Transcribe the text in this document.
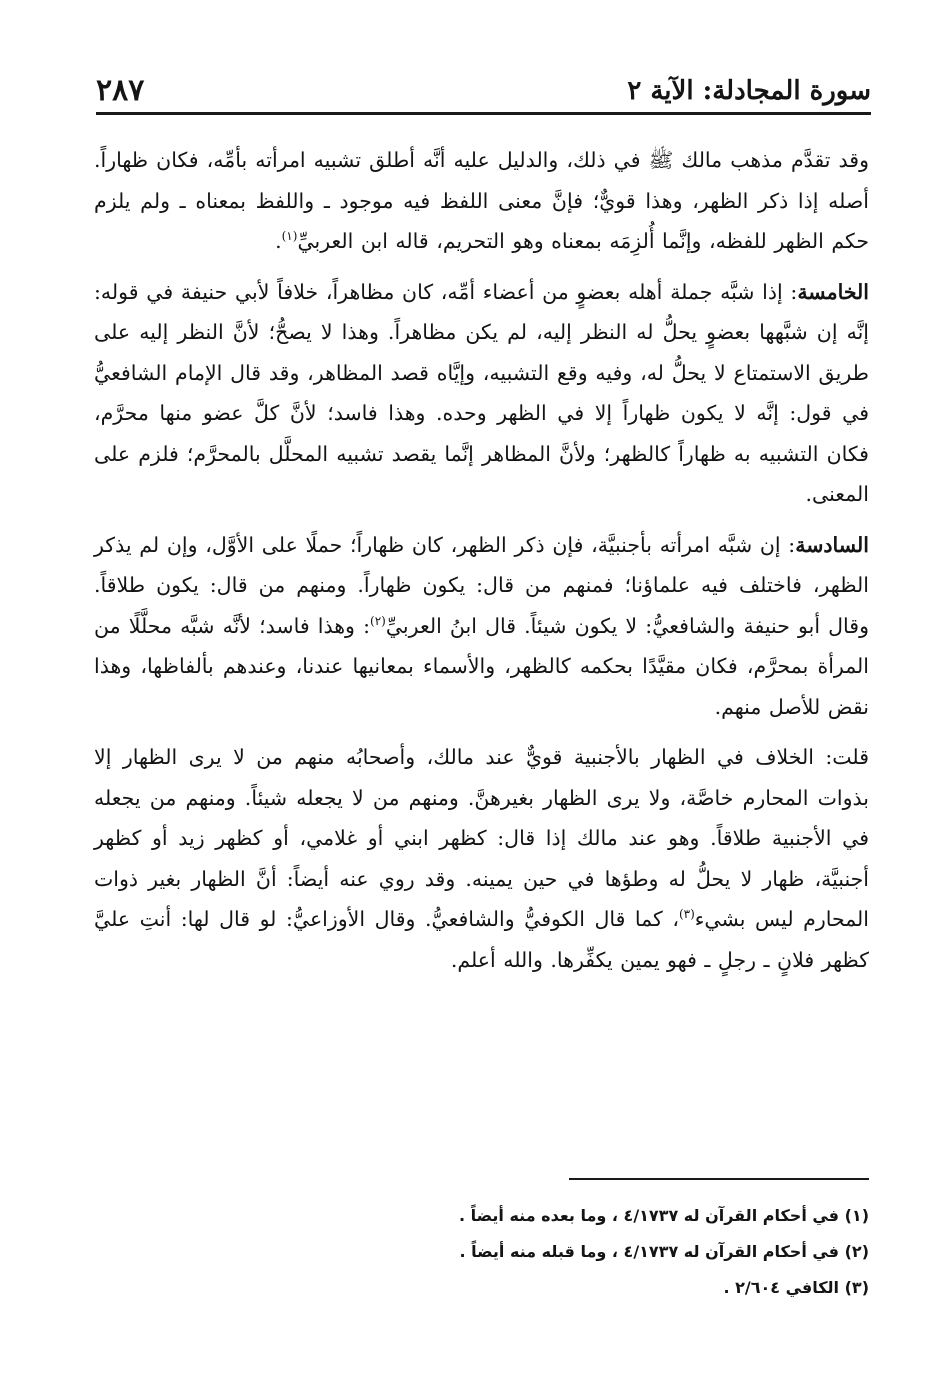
سورة المجادلة: الآية ٢
٢٨٧

وقد تقدَّم مذهب مالك ﷺ في ذلك، والدليل عليه أنَّه أطلق تشبيه امرأته بأمِّه، فكان ظهاراً. أصله إذا ذكر الظهر، وهذا قويٌّ؛ فإنَّ معنى اللفظ فيه موجود ـ واللفظ بمعناه ـ ولم يلزم حكم الظهر للفظه، وإنَّما أُلزِمَه بمعناه وهو التحريم، قاله ابن العربيِّ$^{(١)}$.

الخامسة: إذا شبَّه جملة أهله بعضوٍ من أعضاء أمِّه، كان مظاهراً، خلافاً لأبي حنيفة في قوله: إنَّه إن شبَّهها بعضوٍ يحلُّ له النظر إليه، لم يكن مظاهراً. وهذا لا يصحُّ؛ لأنَّ النظر إليه على طريق الاستمتاع لا يحلُّ له، وفيه وقع التشبيه، وإيَّاه قصد المظاهر، وقد قال الإمام الشافعيُّ في قول: إنَّه لا يكون ظهاراً إلا في الظهر وحده. وهذا فاسد؛ لأنَّ كلَّ عضو منها محرَّم، فكان التشبيه به ظهاراً كالظهر؛ ولأنَّ المظاهر إنَّما يقصد تشبيه المحلَّل بالمحرَّم؛ فلزم على المعنى.

السادسة: إن شبَّه امرأته بأجنبيَّة، فإن ذكر الظهر، كان ظهاراً؛ حملًا على الأوَّل، وإن لم يذكر الظهر، فاختلف فيه علماؤنا؛ فمنهم من قال: يكون ظهاراً. ومنهم من قال: يكون طلاقاً. وقال أبو حنيفة والشافعيُّ: لا يكون شيئاً. قال ابنُ العربيِّ$^{(٢)}$: وهذا فاسد؛ لأنَّه شبَّه محلَّلًا من المرأة بمحرَّم، فكان مقيَّدًا بحكمه كالظهر، والأسماء بمعانيها عندنا، وعندهم بألفاظها، وهذا نقض للأصل منهم.

قلت: الخلاف في الظهار بالأجنبية قويٌّ عند مالك، وأصحابُه منهم من لا يرى الظهار إلا بذوات المحارم خاصَّة، ولا يرى الظهار بغيرهنَّ. ومنهم من لا يجعله شيئاً. ومنهم من يجعله في الأجنبية طلاقاً. وهو عند مالك إذا قال: كظهر ابني أو غلامي، أو كظهر زيد أو كظهر أجنبيَّة، ظهار لا يحلُّ له وطؤها في حين يمينه. وقد روي عنه أيضاً: أنَّ الظهار بغير ذوات المحارم ليس بشيء$^{(٣)}$، كما قال الكوفيُّ والشافعيُّ. وقال الأوزاعيُّ: لو قال لها: أنتِ عليَّ كظهر فلانٍ ـ رجلٍ ـ فهو يمين يكفِّرها. والله أعلم.

(١) في أحكام القرآن له ٤/١٧٣٧ ، وما بعده منه أيضاً .

(٢) في أحكام القرآن له ٤/١٧٣٧ ، وما قبله منه أيضاً .

(٣) الكافي ٢/٦٠٤ .
